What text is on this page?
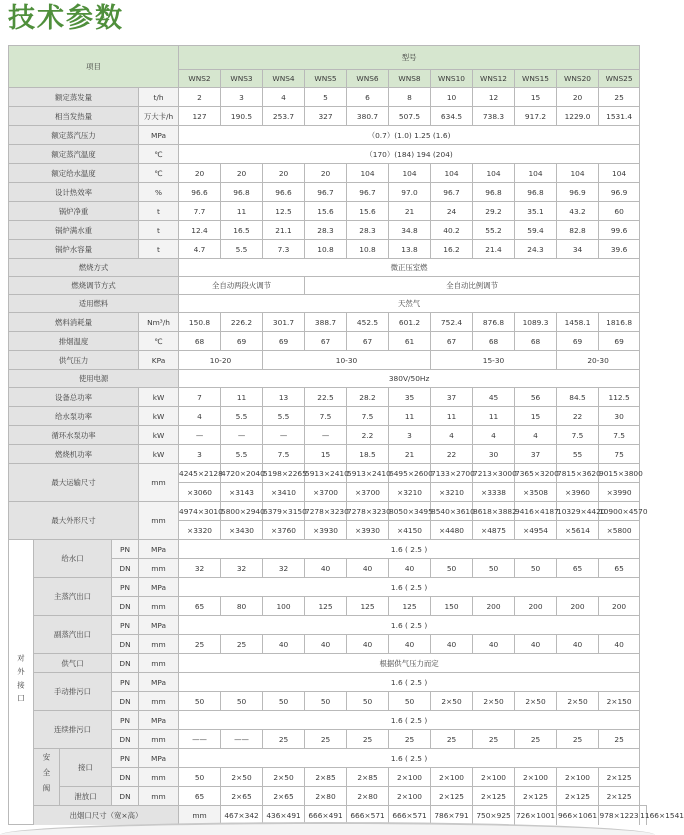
技术参数
项目					型号											
					WNS2	WNS3	WNS4	WNS5	WNS6	WNS8	WNS10	WNS12	WNS15	WNS20	WNS25	
额定蒸发量				t/h	2	3	4	5	6	8	10	12	15	20	25	
相当发热量				万大卡/h	127	190.5	253.7	327	380.7	507.5	634.5	738.3	917.2	1229.0	1531.4	
额定蒸汽压力				MPa	（0.7）(1.0) 1.25 (1.6)											
额定蒸汽温度				℃	（170）(184) 194 (204)											
额定给水温度				℃	20	20	20	20	104	104	104	104	104	104	104	
设计热效率				%	96.6	96.8	96.6	96.7	96.7	97.0	96.7	96.8	96.8	96.9	96.9	
锅炉净重				t	7.7	11	12.5	15.6	15.6	21	24	29.2	35.1	43.2	60	
锅炉满水重				t	12.4	16.5	21.1	28.3	28.3	34.8	40.2	55.2	59.4	82.8	99.6	
锅炉水容量				t	4.7	5.5	7.3	10.8	10.8	13.8	16.2	21.4	24.3	34	39.6	
燃烧方式					微正压室燃											
燃烧调节方式					全自动两段火调节			全自动比例调节								
适用燃料					天然气											
燃料消耗量				Nm³/h	150.8	226.2	301.7	388.7	452.5	601.2	752.4	876.8	1089.3	1458.1	1816.8	
排烟温度				℃	68	69	69	67	67	61	67	68	68	69	69	
供气压力				KPa	10-20		10-30				15-30			20-30		
使用电源					380V/50Hz											
设备总功率				kW	7	11	13	22.5	28.2	35	37	45	56	84.5	112.5	
给水泵功率				kW	4	5.5	5.5	7.5	7.5	11	11	11	15	22	30	
循环水泵功率				kW	—	—	—	—	2.2	3	4	4	4	7.5	7.5	
燃烧机功率				kW	3	5.5	7.5	15	18.5	21	22	30	37	55	75	
最大运输尺寸				mm	4245×2128	4720×2040	5198×2265	5913×2410	5913×2410	6495×2600	7133×2700	7213×3000	7365×3200	7815×3620	9015×3800	
					×3060	×3143	×3410	×3700	×3700	×3210	×3210	×3338	×3508	×3960	×3990	
最大外形尺寸				mm	4974×3010	5800×2940	6379×3150	7278×3230	7278×3230	8050×3495	8540×3610	8618×3882	9416×4187	10329×4420	10900×4570	
					×3320	×3430	×3760	×3930	×3930	×4150	×4480	×4875	×4954	×5614	×5800	
对外接口	给水口		PN	MPa	1.6 ( 2.5 )											
			DN	mm	32	32	32	40	40	40	50	50	50	65	65	
	主蒸汽出口		PN	MPa	1.6 ( 2.5 )											
			DN	mm	65	80	100	125	125	125	150	200	200	200	200	
	副蒸汽出口		PN	MPa	1.6 ( 2.5 )											
			DN	mm	25	25	40	40	40	40	40	40	40	40	40	
	供气口		DN	mm	根据供气压力而定											
	手动排污口		PN	MPa	1.6 ( 2.5 )											
			DN	mm	50	50	50	50	50	50	2×50	2×50	2×50	2×50	2×150	
	连续排污口		PN	MPa	1.6 ( 2.5 )											
			DN	mm	——	——	25	25	25	25	25	25	25	25	25	
	安全阀	接口	PN	MPa	1.6 ( 2.5 )											
			DN	mm	50	2×50	2×50	2×85	2×85	2×100	2×100	2×100	2×100	2×100	2×125	
		泄放口	DN	mm	65	2×65	2×65	2×80	2×80	2×100	2×125	2×125	2×125	2×125	2×125	
	出烟口尺寸（宽×高）				mm	467×342	436×491	666×491	666×571	666×571	786×791	750×925	726×1001	966×1061	978×1223	1166×1541
